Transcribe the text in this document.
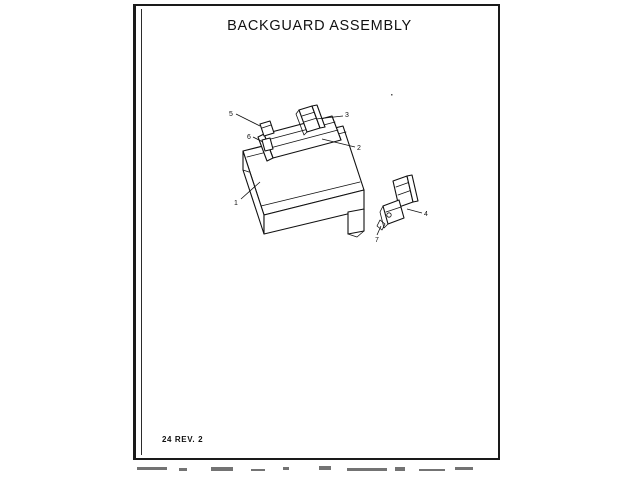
BACKGUARD ASSEMBLY
1
2
3
4
5
6
7
24 REV. 2
